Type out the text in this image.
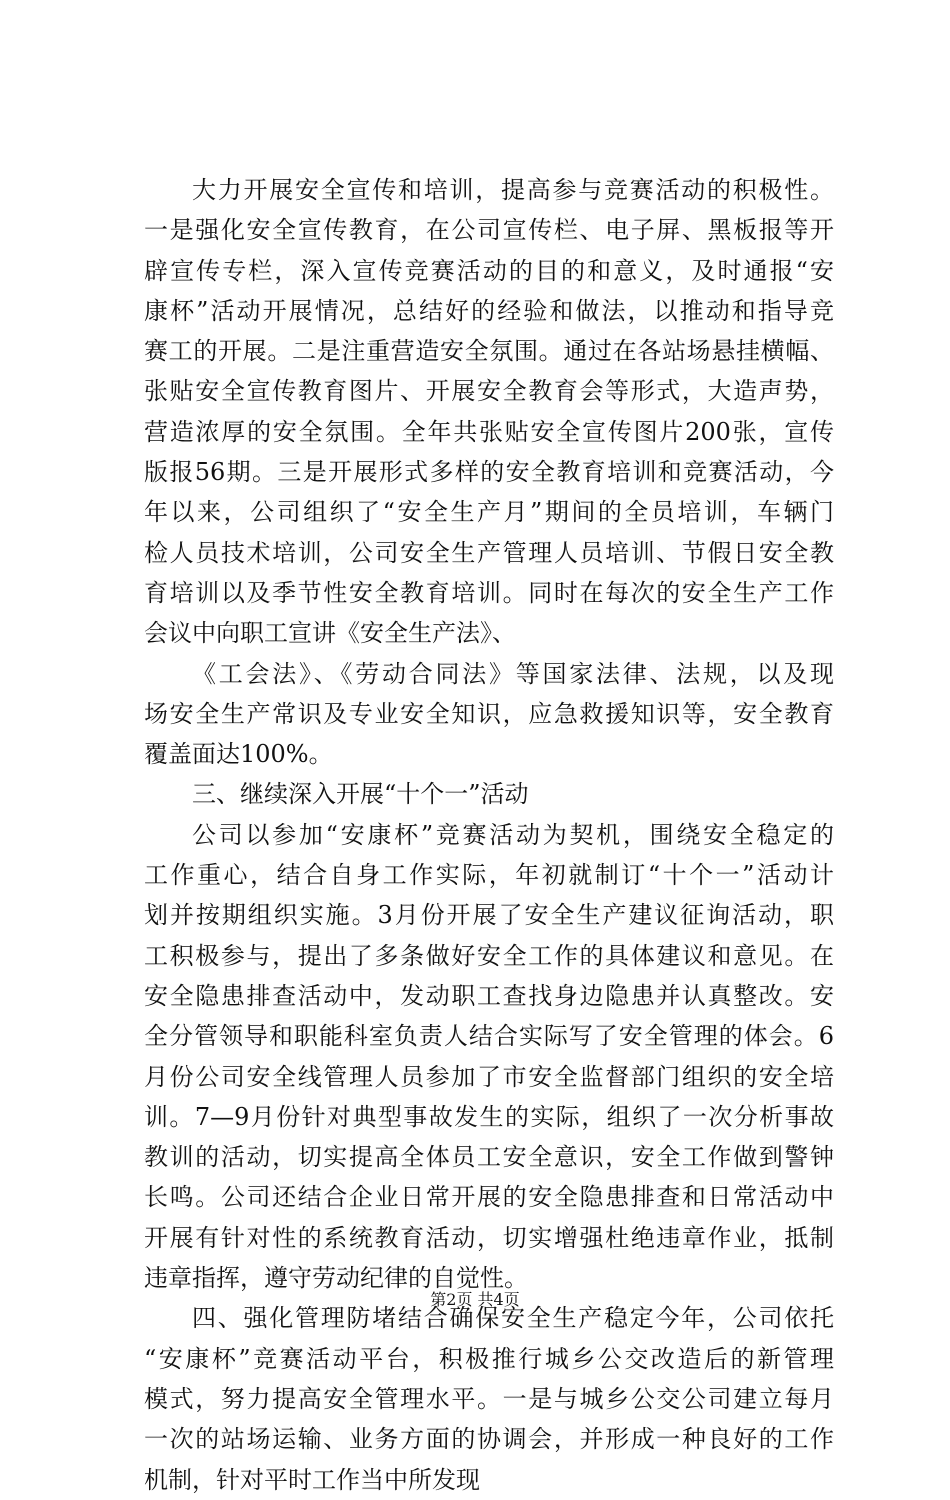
大力开展安全宣传和培训，提高参与竞赛活动的积极性。
一是强化安全宣传教育，在公司宣传栏、电子屏、黑板报等开
辟宣传专栏，深入宣传竞赛活动的目的和意义，及时通报“安
康杯”活动开展情况，总结好的经验和做法，以推动和指导竞
赛工的开展。二是注重营造安全氛围。通过在各站场悬挂横幅、
张贴安全宣传教育图片、开展安全教育会等形式，大造声势，
营造浓厚的安全氛围。全年共张贴安全宣传图片200张，宣传
版报56期。三是开展形式多样的安全教育培训和竞赛活动，今
年以来，公司组织了“安全生产月”期间的全员培训，车辆门
检人员技术培训，公司安全生产管理人员培训、节假日安全教
育培训以及季节性安全教育培训。同时在每次的安全生产工作
会议中向职工宣讲《安全生产法》、
《工会法》、《劳动合同法》等国家法律、法规，以及现
场安全生产常识及专业安全知识，应急救援知识等，安全教育
覆盖面达100%。
三、继续深入开展“十个一”活动
公司以参加“安康杯”竞赛活动为契机，围绕安全稳定的
工作重心，结合自身工作实际，年初就制订“十个一”活动计
划并按期组织实施。3月份开展了安全生产建议征询活动，职
工积极参与，提出了多条做好安全工作的具体建议和意见。在
安全隐患排查活动中，发动职工查找身边隐患并认真整改。安
全分管领导和职能科室负责人结合实际写了安全管理的体会。6
月份公司安全线管理人员参加了市安全监督部门组织的安全培
训。7—9月份针对典型事故发生的实际，组织了一次分析事故
教训的活动，切实提高全体员工安全意识，安全工作做到警钟
长鸣。公司还结合企业日常开展的安全隐患排查和日常活动中
开展有针对性的系统教育活动，切实增强杜绝违章作业，抵制
违章指挥，遵守劳动纪律的自觉性。
四、强化管理防堵结合确保安全生产稳定今年，公司依托
“安康杯”竞赛活动平台，积极推行城乡公交改造后的新管理
模式，努力提高安全管理水平。一是与城乡公交公司建立每月
一次的站场运输、业务方面的协调会，并形成一种良好的工作
机制，针对平时工作当中所发现
第2页 共4页
